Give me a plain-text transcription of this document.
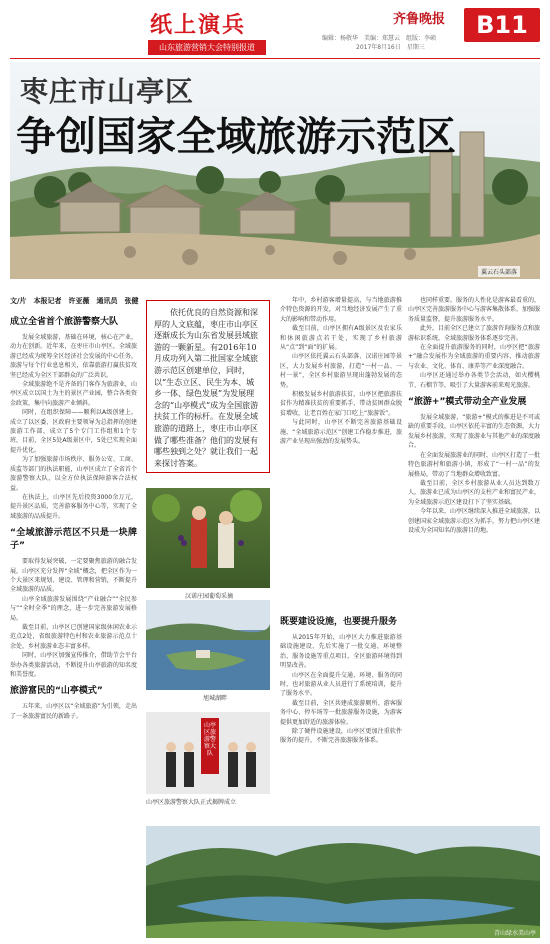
纸上演兵
山东旅游营销大会特别报道
齐鲁晚报
编辑：杨敬华　美编：郑慧云　组版：李硕
2017年8月16日　星期三
B11
枣庄市山亭区
争创国家全域旅游示范区
翼云石头部落
文/片　本报记者　许亚薇　通讯员　张健
成立全省首个旅游警察大队

发展全域旅游，基础在环境，核心在产业，动力在创新。近年来，在枣庄市山亭区，全域旅游已经成为统筹全区经济社会发展的中心任务，旅游与每个行业息息相关，依靠旅游打赢扶贫攻坚已经成为全区干部群众的广泛共识。

全域旅游绝不是齐备的门客作为旅游业，山亭区成立以国土为主的景区产业园，整合各类资金政策，集中向旅游产业倾斜。

同时，在组织保障——顺利以A级创建上，成立了以区委、区政府主要领导为总指挥的创建旅游工作部，成立了5个专门工作组和1个专班，目前，全区5处A级景区中，5处已实现全面提升优化。

为了加强旅游市场秩序、服务公安、工商、质监等部门的执法职能，山亭区成立了全省首个旅游警察大队，以全方位执法保障游客合法权益。

在执法上，山亭区先后投资3000余万元，提升景区品质，完善游客服务中心等，实现了全域旅游的品质提升。

“全域旅游示范区不只是一块牌子”

要取得发展突破，一定要聚焦旅游的融合发展，山亭区充分发挥“全域”概念，把全区作为一个大景区来规划、建设、管理和营销，不断提升全域旅游的品质。

山亭全域旅游发展围绕“产业融合”“全民参与”“全时全季”的理念，进一步完善旅游发展格局。

截至目前，山亭区已创建国家级休闲农业示范点2处，省级旅游特色村和农业旅游示范点十余处，乡村旅游业态丰富多样。

同时，山亭区加强宣传推介，借助节会平台举办各类旅游活动，不断提升山亭旅游的知名度和美誉度。

旅游富民的“山亭模式”

五年来，山亭区以“全域旅游”为引领，走出了一条旅游富民的新路子。

依托优良的自然资源和深厚的人文底蕴，枣庄市山亭区逐渐成长为山东省发展县域旅游的一颗新星。有2016年10月成功列入第二批国家全域旅游示范区创建单位，同时，以“生态立区、民生为本、城乡一体、绿色发展”为发展理念的“山亭模式”成为全国旅游扶贫工作的标杆。在发展全域旅游的道路上，枣庄市山亭区做了哪些准备？他们的发展有哪些独到之处？就让我们一起来探讨答案。
汉诺庄园葡萄采摘
旭城湖畔
山亭区旅游警察大队
山亭区旅游警察大队正式揭牌成立

年中，乡村游客增量提高，与当地旅游推介特色资源的开发，对当地经济发展产生了重大的影响和带动作用。

截至目前，山亭区拥有A级景区及农家乐和休闲旅游点若干处，实现了乡村旅游从“点”到“面”的扩展。

山亭区依托翼云石头部落、汉诺庄园等景区，大力发展乡村旅游，打造“一村一品、一村一景”，全区乡村旅游呈现出蓬勃发展的态势。

积极发展乡村旅游扶贫，山亭区把旅游扶贫作为精准扶贫的重要抓手，带动贫困群众脱贫增收，让老百姓在家门口吃上“旅游饭”。

与此同时，山亭区不断完善旅游基础设施，“全域旅游示范区”创建工作稳步推进，旅游产业呈现出强劲的发展势头。

既要建设设施，也要提升服务

从2015年开始，山亭区大力推进旅游基础设施建设，先后实施了一批交通、环境整治、服务设施等重点项目，全区旅游环境得到明显改善。

山亭区在全面提升交通、环境、服务的同时，也对旅游从业人员进行了系统培训，提升了服务水平。

截至目前，全区共建成旅游厕所、游客服务中心、停车场等一批旅游服务设施，为游客提供更加舒适的旅游体验。

除了硬件设施建设，山亭区更加注重软件服务的提升，不断完善旅游服务体系。

也同样重要。服务的人性化是游客最看重的，山亭区完善旅游服务中心与游客集散体系，加强服务质量监督，提升旅游服务水平。

此外，目前全区已建立了旅游咨询服务点和旅游标识系统，全域旅游服务体系逐步完善。

在全面提升旅游服务的同时，山亭区把“旅游+”融合发展作为全域旅游的重要内容，推动旅游与农业、文化、体育、康养等产业深度融合。

山亭区还通过举办各类节会活动，如火樱桃节、石榴节等，吸引了大量游客前来观光旅游。

“旅游+”模式带动全产业发展

发展全域旅游，“旅游+”模式的推进是不可或缺的重要手段，山亭区依托丰富的生态资源，大力发展乡村旅游，实现了旅游业与其他产业的深度融合。

在全面发展旅游业的同时，山亭区打造了一批特色旅游村和旅游小镇，形成了“一村一品”的发展格局，带动了当地群众增收致富。

截至目前，全区乡村旅游从业人员达到数万人，旅游业已成为山亭区的支柱产业和富民产业，为全域旅游示范区建设打下了坚实基础。

今年以来，山亭区继续深入推进全域旅游，以创建国家全域旅游示范区为抓手，努力把山亭区建设成为全国知名的旅游目的地。

青山绿水美山亭
